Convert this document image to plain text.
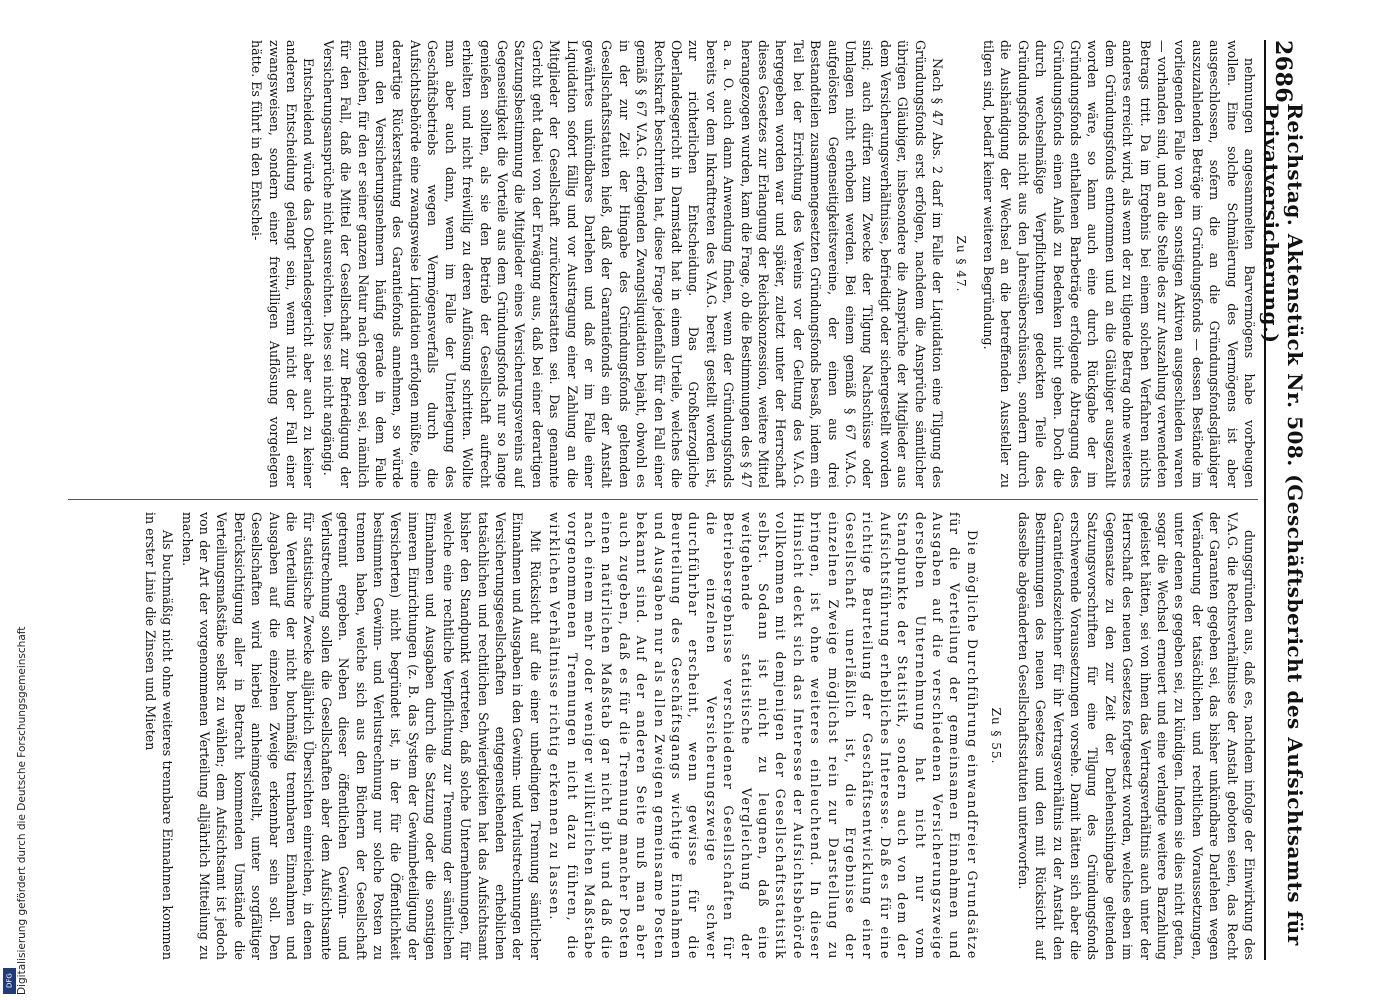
Digitalisierung gefördert durch die Deutsche Forschungsgemeinschaft
DFG
2686
Reichstag. Aktenstück Nr. 508. (Geschäftsbericht des Aufsichtsamts für Privatversicherung.)

nehmungen angesammelten Barvermögens habe vorbeugen wollen. Eine solche Schmälerung des Vermögens ist aber ausgeschlossen, sofern die an die Gründungsfondsgläubiger auszuzahlenden Beträge im Gründungsfonds — dessen Bestände im vorliegenden Falle von den sonstigen Aktiven ausgeschieden waren — vorhanden sind, und an die Stelle des zur Auszahlung verwendeten Betrags tritt. Da im Ergebnis bei einem solchen Verfahren nichts anderes erreicht wird, als wenn der zu tilgende Betrag ohne weiteres dem Gründungsfonds entnommen und an die Gläubiger ausgezahlt worden wäre, so kann auch eine durch Rückgabe der im Gründungsfonds enthaltenen Barbeträge erfolgende Abtragung des Gründungsfonds einen Anlaß zu Bedenken nicht geben. Doch die durch wechselmäßige Verpflichtungen gedeckten Teile des Gründungsfonds nicht aus den Jahresüberschüssen, sondern durch die Aushändigung der Wechsel an die betreffenden Aussteller zu tilgen sind, bedarf keiner weiteren Begründung.

Zu § 47.

Nach § 47 Abs. 2 darf im Falle der Liquidation eine Tilgung des Gründungsfonds erst erfolgen, nachdem die Ansprüche sämtlicher übrigen Gläubiger, insbesondere die Ansprüche der Mitglieder aus dem Versicherungsverhältnisse, befriedigt oder sichergestellt worden sind; auch dürfen zum Zwecke der Tilgung Nachschüsse oder Umlagen nicht erhoben werden. Bei einem gemäß § 67 V.A.G. aufgelösten Gegenseitigkeitsvereine, der einen aus drei Bestandteilen zusammengesetzten Gründungsfonds besaß, indem ein Teil bei der Errichtung des Vereins vor der Geltung des V.A.G. hergegeben worden war und später, zuletzt unter der Herrschaft dieses Gesetzes zur Erlangung der Reichskonzession, weitere Mittel herangezogen wurden, kam die Frage, ob die Bestimmungen des § 47 a. a. O. auch dann Anwendung finden, wenn der Gründungsfonds bereits vor dem Inkrafttreten des V.A.G. bereit gestellt worden ist, zur richterlichen Entscheidung. Das Großherzogliche Oberlandesgericht in Darmstadt hat in einem Urteile, welches die Rechtskraft beschritten hat, diese Frage jedenfalls für den Fall einer gemäß § 67 V.A.G. erfolgenden Zwangsliquidation bejaht, obwohl es in der zur Zeit der Hingabe des Gründungsfonds geltenden Gesellschaftsstatuten hieß, daß der Garantiefonds ein der Anstalt gewährtes unkündbares Darlehen und daß er im Falle einer Liquidation sofort fällig und vor Austragung einer Zahlung an die Mitglieder der Gesellschaft zurückzuerstatten sei. Das genannte Gericht geht dabei von der Erwägung aus, daß bei einer derartigen Satzungsbestimmung die Mitglieder eines Versicherungsvereins auf Gegenseitigkeit die Vorteile aus dem Gründungsfonds nur so lange genießen sollten, als sie den Betrieb der Gesellschaft aufrecht erhielten und nicht freiwillig zu deren Auflösung schritten. Wollte man aber auch dann, wenn im Falle der Unterlegung des Geschäftsbetriebs wegen Vermögensverfalls durch die Aufsichtsbehörde eine zwangsweise Liquidation erfolgen müßte, eine derartige Rückerstattung des Garantiefonds annehmen, so würde man den Versicherungsnehmern häufig gerade in dem Falle entziehen, für den er seiner ganzen Natur nach gegeben sei, nämlich für den Fall, daß die Mittel der Gesellschaft zur Befriedigung der Versicherungsansprüche nicht ausreichten. Dies sei nicht angängig.

Entscheidend würde das Oberlandesgericht aber auch zu keiner anderen Entscheidung gelangt sein, wenn nicht der Fall einer zwangsweisen, sondern einer freiwilligen Auflösung vorgelegen hätte. Es führt in den Entschei-

dungsgründen aus, daß es, nachdem infolge der Einwirkung des V.A.G. die Rechtsverhältnisse der Anstalt geboten seien, das Recht der Garanten gegeben sei, das bisher unkündbare Darlehen wegen Veränderung der tatsächlichen und rechtlichen Voraussetzungen, unter denen es gegeben sei, zu kündigen. Indem sie dies nicht getan, sogar die Wechsel erneuert und eine verlangte weitere Barzahlung geleistet hätten, sei von ihnen das Vertragsverhältnis auch unter der Herrschaft des neuen Gesetzes fortgesetzt worden, welches eben im Gegensatze zu den zur Zeit der Darlehenshingabe geltenden Satzungsvorschriften für eine Tilgung des Gründungsfonds erschwerende Voraussetzungen vorsehe. Damit hätten sich aber die Garantiefondszeichner für ihr Vertragsverhältnis zu der Anstalt den Bestimmungen des neuen Gesetzes und den mit Rücksicht auf dasselbe abgeänderten Gesellschaftsstatuten unterworfen.

Zu § 55.

Die mögliche Durchführung einwandfreier Grundsätze für die Verteilung der gemeinsamen Einnahmen und Ausgaben auf die verschiedenen Versicherungszweige derselben Unternehmung hat nicht nur vom Standpunkte der Statistik, sondern auch von dem der Aufsichtsführung erhebliches Interesse. Daß es für eine richtige Beurteilung der Geschäftsentwicklung einer Gesellschaft unerläßlich ist, die Ergebnisse der einzelnen Zweige möglichst rein zur Darstellung zu bringen, ist ohne weiteres einleuchtend. In dieser Hinsicht deckt sich das Interesse der Aufsichtsbehörde vollkommen mit demjenigen der Gesellschaftsstatistik selbst. Sodann ist nicht zu leugnen, daß eine weitgehende statistische Vergleichung der Betriebsergebnisse verschiedener Gesellschaften für die einzelnen Versicherungszweige schwer durchführbar erscheint, wenn gewisse für die Beurteilung des Geschäftsgangs wichtige Einnahmen und Ausgaben nur als allen Zweigen gemeinsame Posten bekannt sind. Auf der anderen Seite muß man aber auch zugeben, daß es für die Trennung mancher Posten einen natürlichen Maßstab gar nicht gibt und daß die nach einem mehr oder weniger willkürlichen Maßstabe vorgenommenen Trennungen nicht dazu führen, die wirklichen Verhältnisse richtig erkennen zu lassen.

Mit Rücksicht auf die einer unbedingten Trennung sämtlicher Einnahmen und Ausgaben in den Gewinn- und Verlustrechnungen der Versicherungsgesellschaften entgegenstehenden erheblichen tatsächlichen und rechtlichen Schwierigkeiten hat das Aufsichtsamt bisher den Standpunkt vertreten, daß solche Unternehmungen, für welche eine rechtliche Verpflichtung zur Trennung der sämtlichen Einnahmen und Ausgaben durch die Satzung oder die sonstigen inneren Einrichtungen (z. B. das System der Gewinnbeteiligung der Versicherten) nicht begründet ist, in der für die Öffentlichkeit bestimmten Gewinn- und Verlustrechnung nur solche Posten zu trennen haben, welche sich aus den Büchern der Gesellschaft getrennt ergeben. Neben dieser öffentlichen Gewinn- und Verlustrechnung sollen die Gesellschaften aber dem Aufsichtsamte für statistische Zwecke alljährlich Übersichten einreichen, in denen die Verteilung der nicht buchmäßig trennbaren Einnahmen und Ausgaben auf die einzelnen Zweige erkennbar sein soll. Den Gesellschaften wird hierbei anheimgestellt, unter sorgfältiger Berücksichtigung aller in Betracht kommenden Umstände die Verteilungsmaßstäbe selbst zu wählen; dem Aufsichtsamt ist jedoch von der Art der vorgenommenen Verteilung alljährlich Mitteilung zu machen.

Als buchmäßig nicht ohne weiteres trennbare Einnahmen kommen in erster Linie die Zinsen und Mieten
